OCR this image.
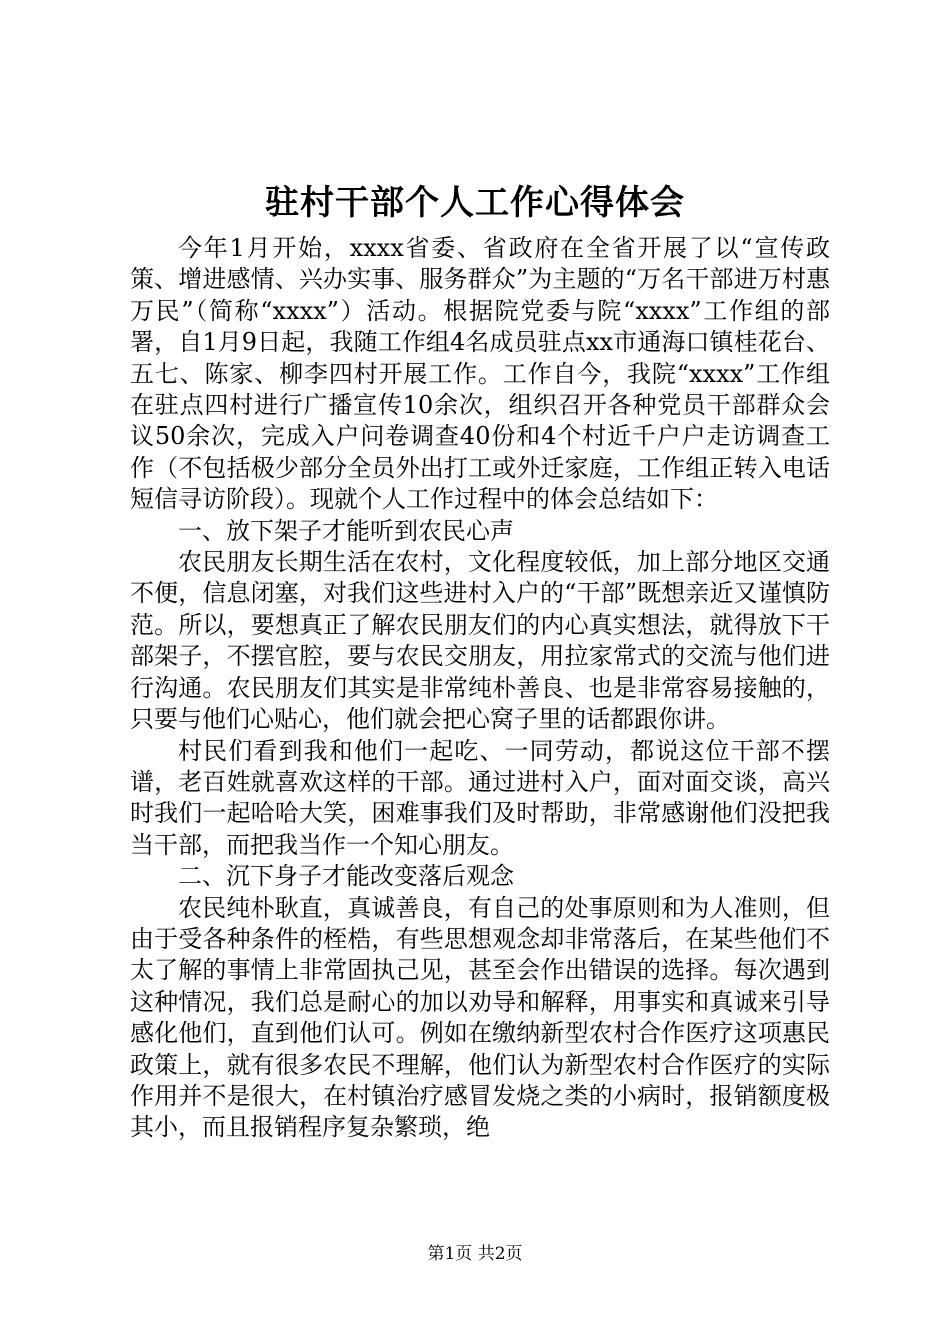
驻村干部个人工作心得体会

今年1月开始，xxxx省委、省政府在全省开展了以“宣传政策、增进感情、兴办实事、服务群众”为主题的“万名干部进万村惠万民”（简称“xxxx”）活动。根据院党委与院“xxxx”工作组的部署，自1月9日起，我随工作组4名成员驻点xx市通海口镇桂花台、五七、陈家、柳李四村开展工作。工作自今，我院“xxxx”工作组在驻点四村进行广播宣传10余次，组织召开各种党员干部群众会议50余次，完成入户问卷调查40份和4个村近千户户走访调查工作（不包括极少部分全员外出打工或外迁家庭，工作组正转入电话短信寻访阶段）。现就个人工作过程中的体会总结如下：

一、放下架子才能听到农民心声

农民朋友长期生活在农村，文化程度较低，加上部分地区交通不便，信息闭塞，对我们这些进村入户的“干部”既想亲近又谨慎防范。所以，要想真正了解农民朋友们的内心真实想法，就得放下干部架子，不摆官腔，要与农民交朋友，用拉家常式的交流与他们进行沟通。农民朋友们其实是非常纯朴善良、也是非常容易接触的，只要与他们心贴心，他们就会把心窝子里的话都跟你讲。

村民们看到我和他们一起吃、一同劳动，都说这位干部不摆谱，老百姓就喜欢这样的干部。通过进村入户，面对面交谈，高兴时我们一起哈哈大笑，困难事我们及时帮助，非常感谢他们没把我当干部，而把我当作一个知心朋友。

二、沉下身子才能改变落后观念

农民纯朴耿直，真诚善良，有自己的处事原则和为人准则，但由于受各种条件的桎梏，有些思想观念却非常落后，在某些他们不太了解的事情上非常固执己见，甚至会作出错误的选择。每次遇到这种情况，我们总是耐心的加以劝导和解释，用事实和真诚来引导感化他们，直到他们认可。例如在缴纳新型农村合作医疗这项惠民政策上，就有很多农民不理解，他们认为新型农村合作医疗的实际作用并不是很大，在村镇治疗感冒发烧之类的小病时，报销额度极其小，而且报销程序复杂繁琐，绝

第1页 共2页
